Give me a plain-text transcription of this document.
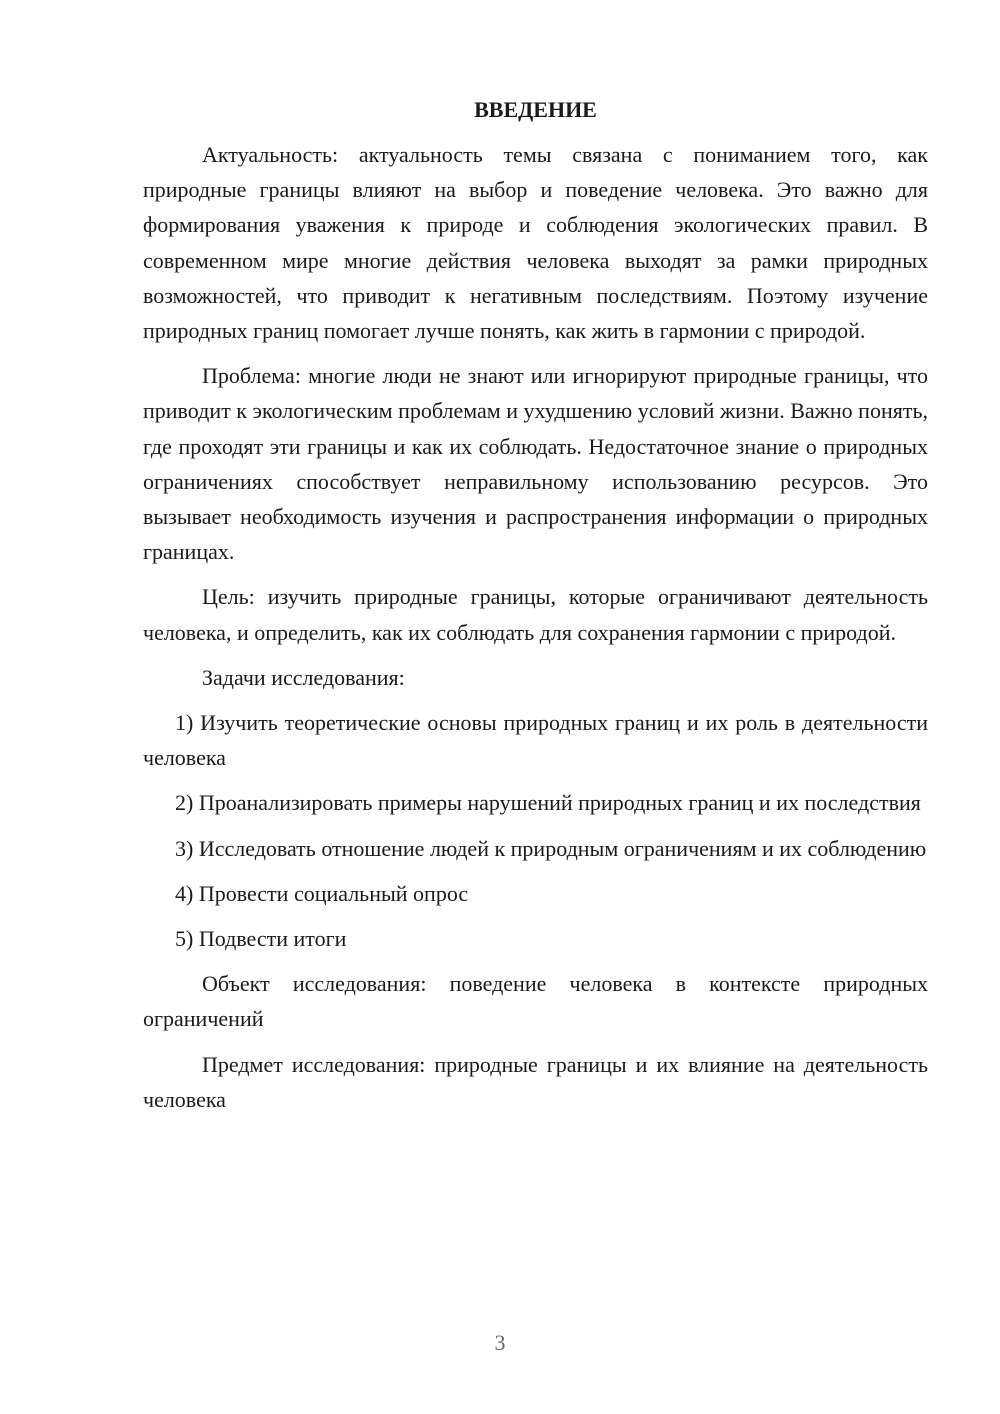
ВВЕДЕНИЕ

Актуальность: актуальность темы связана с пониманием того, как природные границы влияют на выбор и поведение человека. Это важно для формирования уважения к природе и соблюдения экологических правил. В современном мире многие действия человека выходят за рамки природных возможностей, что приводит к негативным последствиям. Поэтому изучение природных границ помогает лучше понять, как жить в гармонии с природой.

Проблема: многие люди не знают или игнорируют природные границы, что приводит к экологическим проблемам и ухудшению условий жизни. Важно понять, где проходят эти границы и как их соблюдать. Недостаточное знание о природных ограничениях способствует неправильному использованию ресурсов. Это вызывает необходимость изучения и распространения информации о природных границах.

Цель: изучить природные границы, которые ограничивают деятельность человека, и определить, как их соблюдать для сохранения гармонии с природой.

Задачи исследования:

1) Изучить теоретические основы природных границ и их роль в деятельности человека

2) Проанализировать примеры нарушений природных границ и их последствия

3) Исследовать отношение людей к природным ограничениям и их соблюдению

4) Провести социальный опрос

5) Подвести итоги

Объект исследования: поведение человека в контексте природных ограничений

Предмет исследования: природные границы и их влияние на деятельность человека

3
